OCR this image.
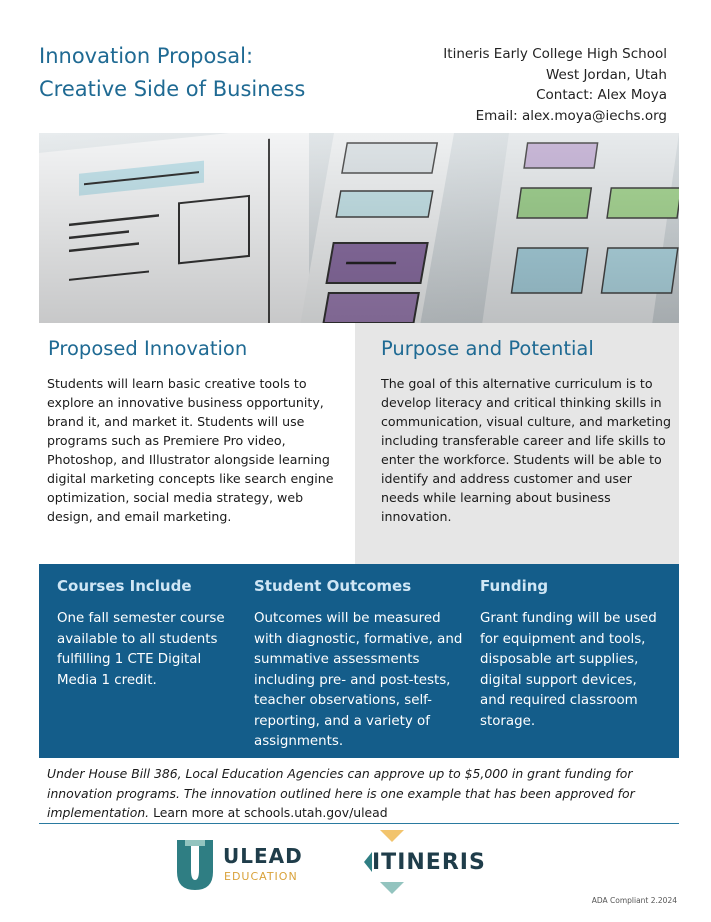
Innovation Proposal:
Creative Side of Business
Itineris Early College High School
West Jordan, Utah
Contact: Alex Moya
Email: alex.moya@iechs.org
Proposed Innovation

Students will learn basic creative tools to explore an innovative business opportunity, brand it, and market it. Students will use programs such as Premiere Pro video, Photoshop, and Illustrator alongside learning digital marketing concepts like search engine optimization, social media strategy, web design, and email marketing.

Purpose and Potential

The goal of this alternative curriculum is to develop literacy and critical thinking skills in communication, visual culture, and marketing including transferable career and life skills to enter the workforce. Students will be able to identify and address customer and user needs while learning about business innovation.

Courses Include

One fall semester course available to all students fulfilling 1 CTE Digital Media 1 credit.

Student Outcomes

Outcomes will be measured with diagnostic, formative, and summative assessments including pre- and post-tests, teacher observations, self-reporting, and a variety of assignments.

Funding

Grant funding will be used for equipment and tools, disposable art supplies, digital support devices, and required classroom storage.

Under House Bill 386, Local Education Agencies can approve up to $5,000 in grant funding for innovation programs. The innovation outlined here is one example that has been approved for implementation. Learn more at schools.utah.gov/ulead
ULEAD
EDUCATION
ITINERIS
ADA Compliant 2.2024
